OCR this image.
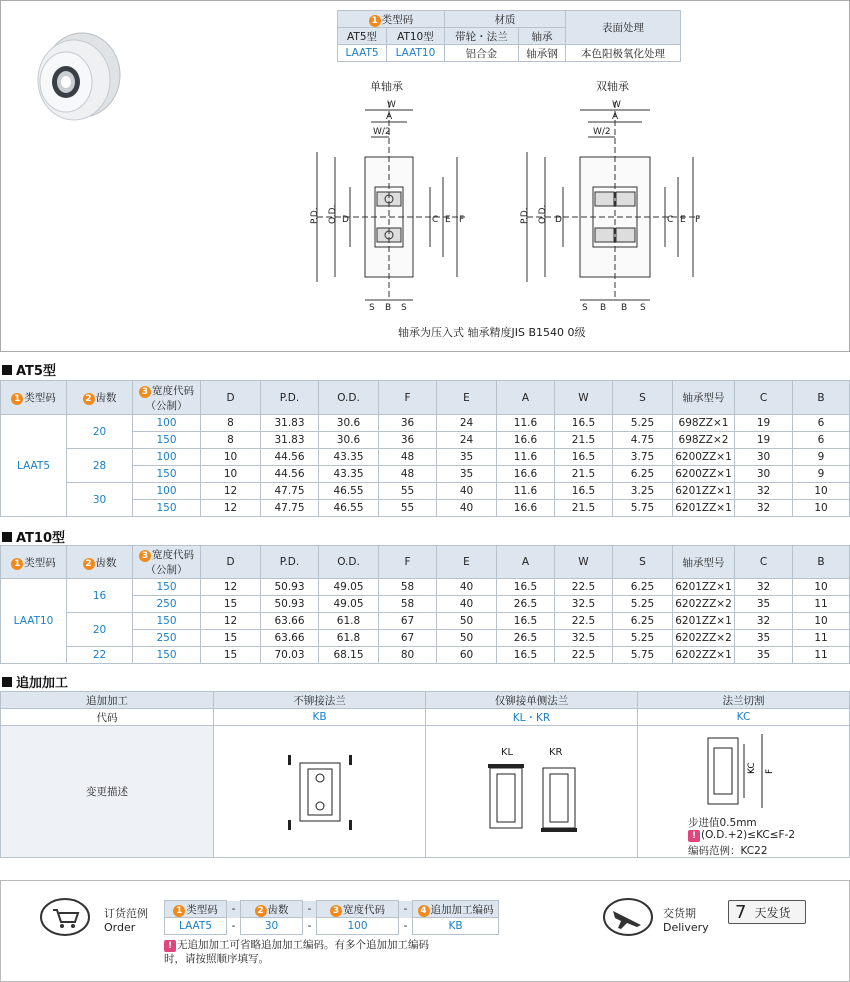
1 类型码		材质		表面处理
AT5型	AT10型	带轮・法兰	轴承	
LAAT5	LAAT10	铝合金	轴承钢	本色阳极氧化处理
单轴承	双轴承
W
A
W/2
P.D. O.D. D	C E F
S B S
W
A
W/2
P.D. O.D. D	C E F
S B B S
轴承为压入式 轴承精度JIS B1540 0级
AT5型
1 类型码	2 齿数	3 宽度代码（公制）	D	P.D.	O.D.	F	E	A	W	S	轴承型号	C	B
LAAT5	20	100	8	31.83	30.6	36	24	11.6	16.5	5.25	698ZZ×1	19	6
		150	8	31.83	30.6	36	24	16.6	21.5	4.75	698ZZ×2	19	6
	28	100	10	44.56	43.35	48	35	11.6	16.5	3.75	6200ZZ×1	30	9
		150	10	44.56	43.35	48	35	16.6	21.5	6.25	6200ZZ×1	30	9
	30	100	12	47.75	46.55	55	40	11.6	16.5	3.25	6201ZZ×1	32	10
		150	12	47.75	46.55	55	40	16.6	21.5	5.75	6201ZZ×1	32	10
AT10型
1 类型码	2 齿数	3 宽度代码（公制）	D	P.D.	O.D.	F	E	A	W	S	轴承型号	C	B
LAAT10	16	150	12	50.93	49.05	58	40	16.5	22.5	6.25	6201ZZ×1	32	10
		250	15	50.93	49.05	58	40	26.5	32.5	5.25	6202ZZ×2	35	11
	20	150	12	63.66	61.8	67	50	16.5	22.5	6.25	6201ZZ×1	32	10
		250	15	63.66	61.8	67	50	26.5	32.5	5.25	6202ZZ×2	35	11
	22	150	15	70.03	68.15	80	60	16.5	22.5	5.75	6202ZZ×1	35	11
追加加工
追加加工	不铆接法兰	仅铆接单侧法兰	法兰切割
代码	KB	KL・KR	KC
变更描述			
KL	KR
KC F
步进值0.5mm
! (O.D.+2)≤KC≤F-2
编码范例：KC22
订货范例
Order
1 类型码	-	2 齿数	-	3 宽度代码	-	4 追加加工编码
LAAT5	-	30	-	100	-	KB
! 无追加加工可省略追加加工编码。有多个追加加工编码
时，请按照顺序填写。
交货期
Delivery
7 天发货
